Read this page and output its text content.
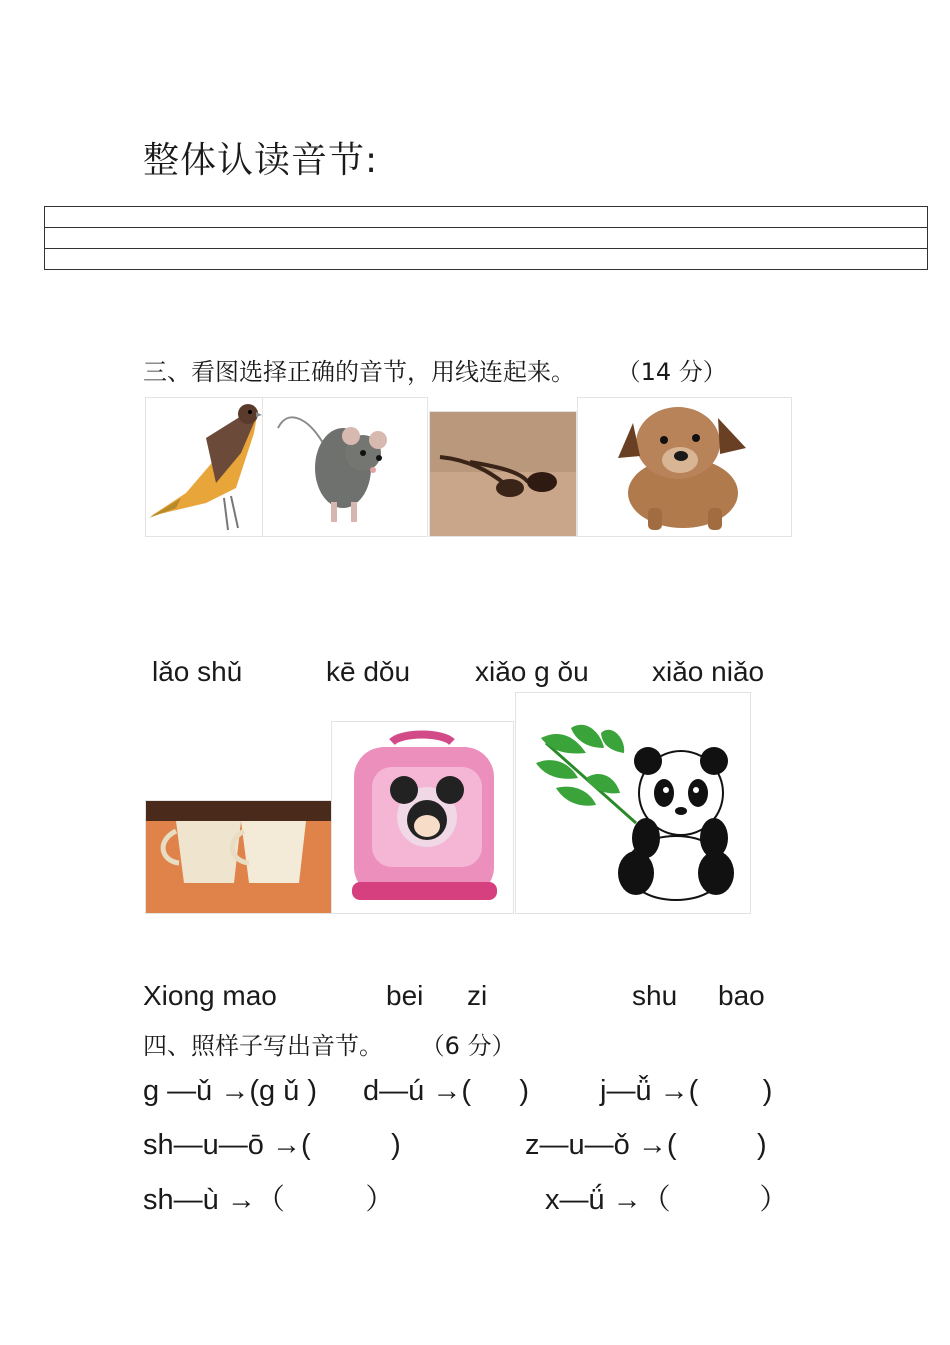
整体认读音节:
三、看图选择正确的音节，用线连起来。 （14 分）
lǎo shǔ	kē dǒu xiǎo g ǒu xiǎo niǎo
Xiong mao	bei zi	shu bao
四、照样子写出音节。 （6 分）
g —ǔ →(g ǔ ) d—ú →(      ) j—ǚ →(        )
sh—u—ō →(          )	z—u—ǒ →(          )
sh—ù →（          ）	x—ǘ →（           ）
